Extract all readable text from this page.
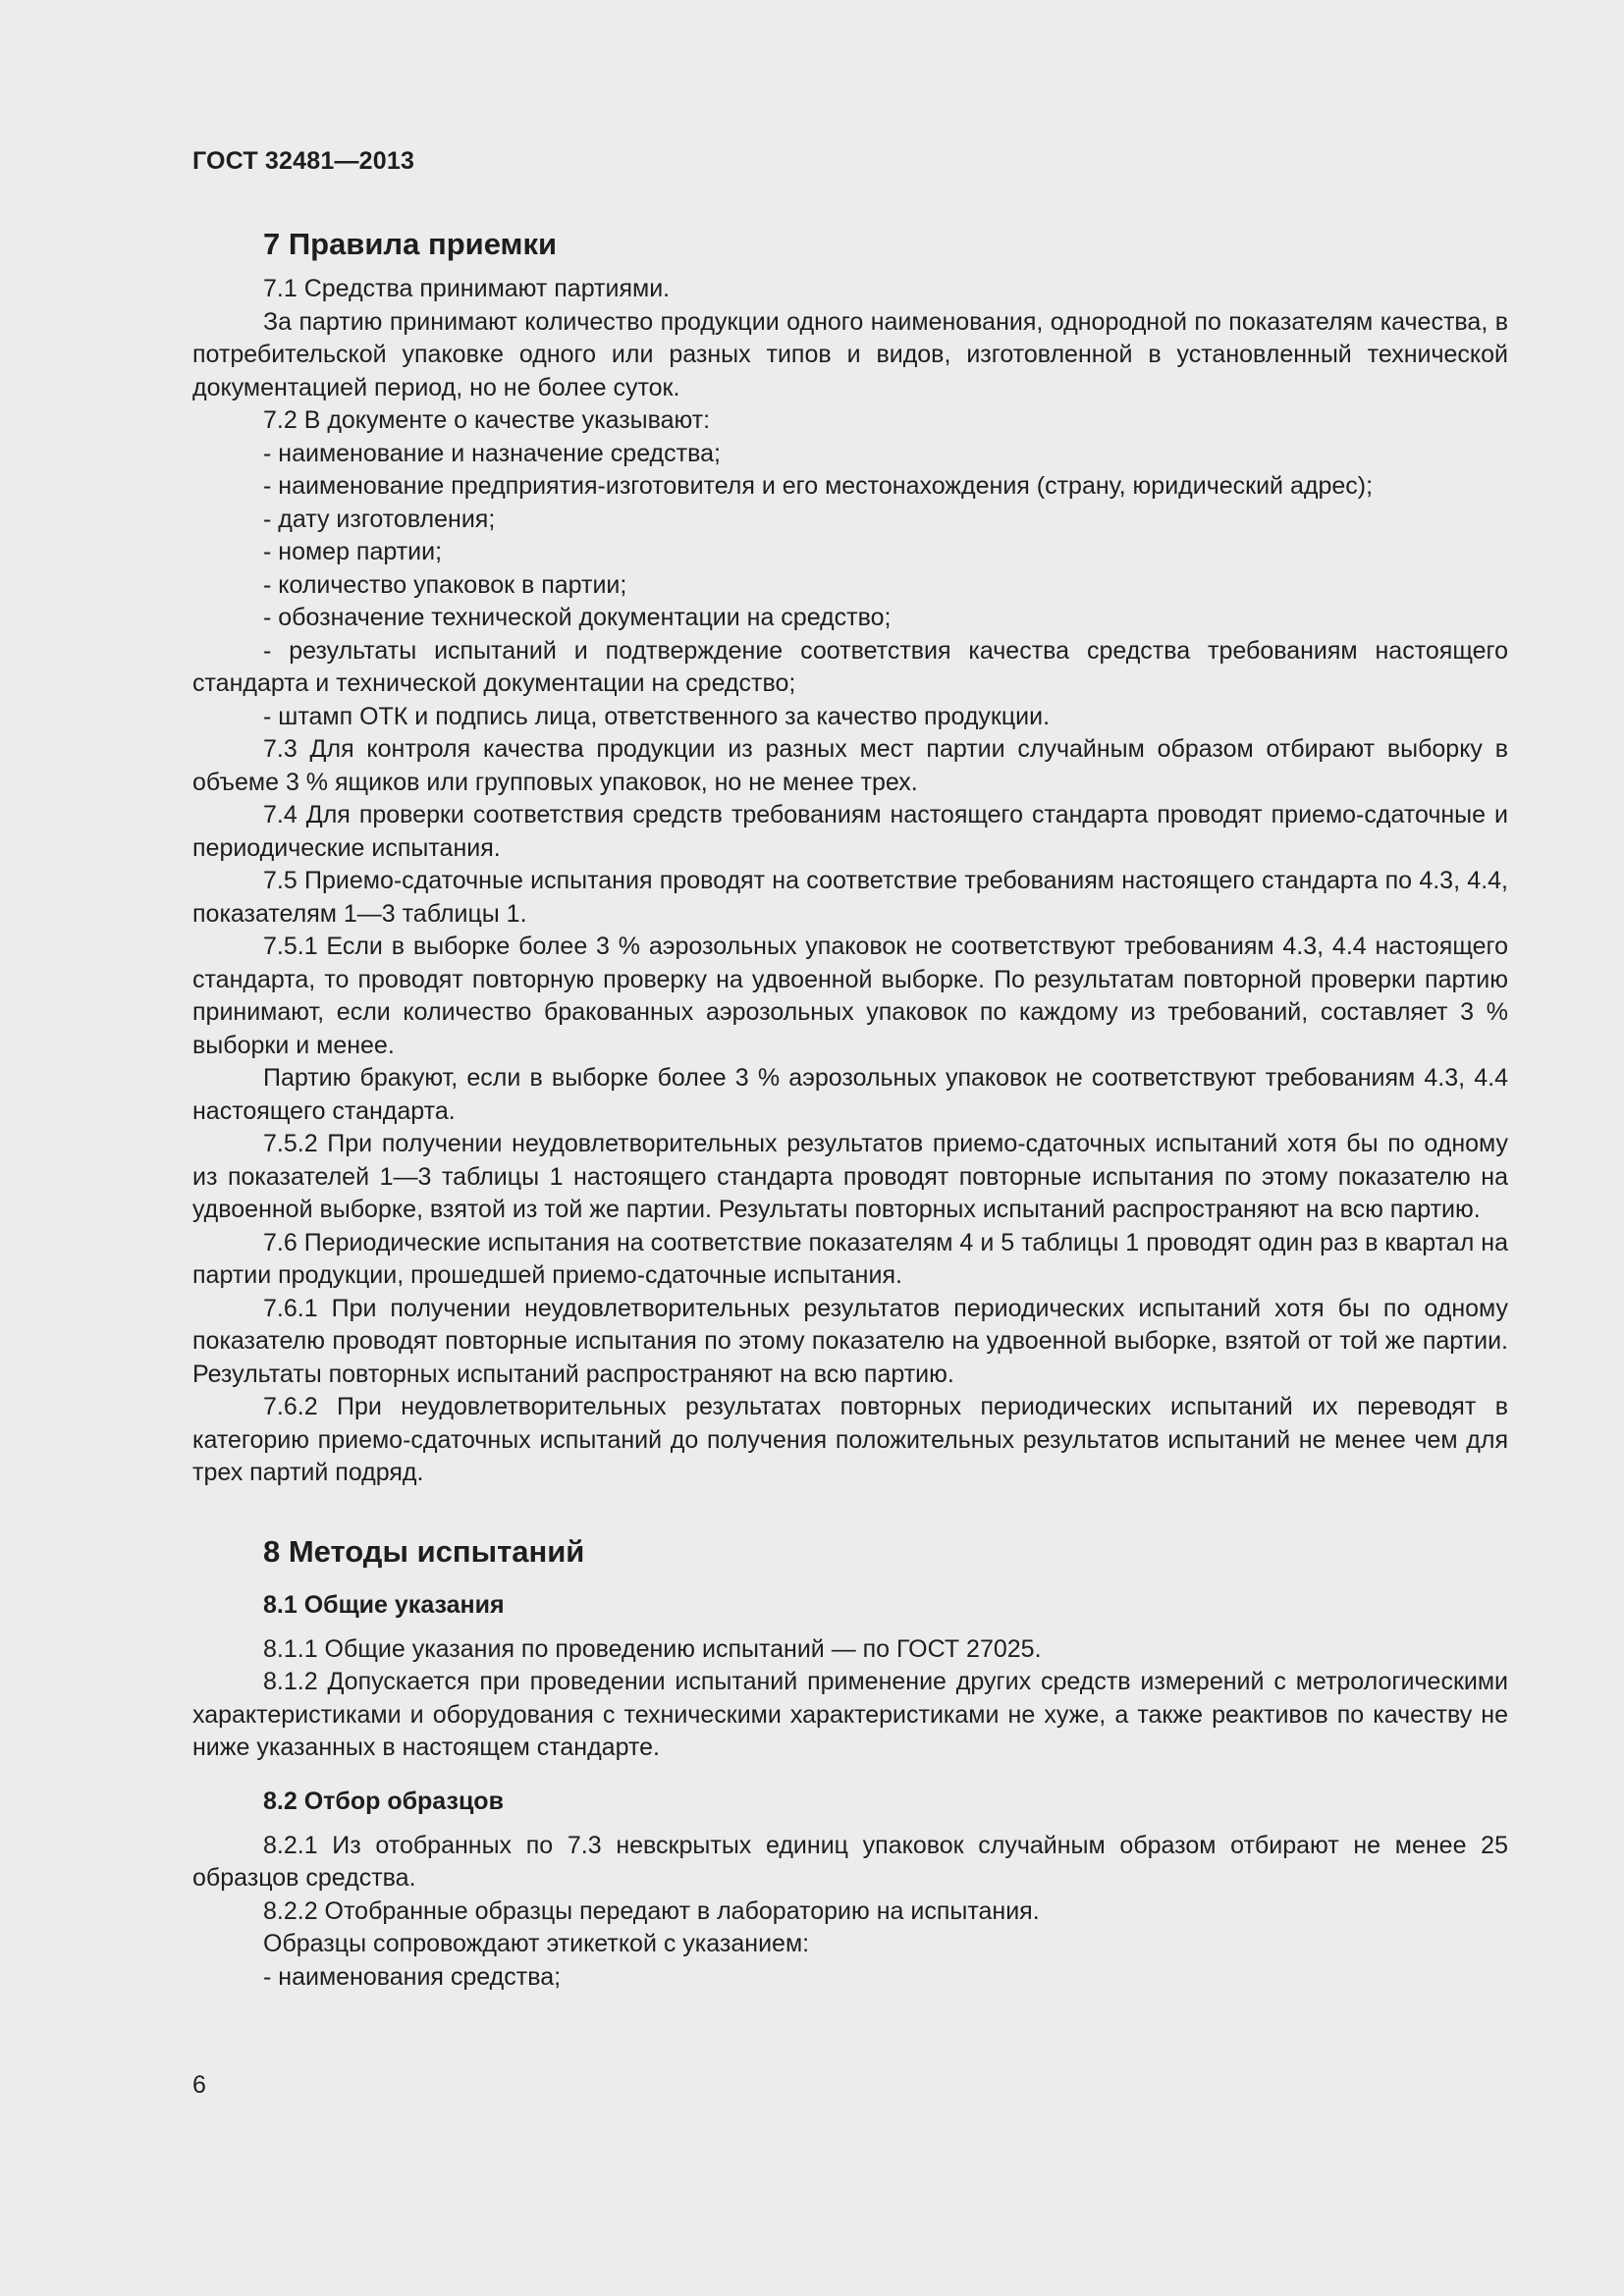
ГОСТ 32481—2013
7 Правила приемки

7.1 Средства принимают партиями.

За партию принимают количество продукции одного наименования, однородной по показателям качества, в потребительской упаковке одного или разных типов и видов, изготовленной в установленный технической документацией период, но не более суток.

7.2 В документе о качестве указывают:

- наименование и назначение средства;

- наименование предприятия-изготовителя и его местонахождения (страну, юридический адрес);

- дату изготовления;

- номер партии;

- количество упаковок в партии;

- обозначение технической документации на средство;

- результаты испытаний и подтверждение соответствия качества средства требованиям настоящего стандарта и технической документации на средство;

- штамп ОТК и подпись лица, ответственного за качество продукции.

7.3 Для контроля качества продукции из разных мест партии случайным образом отбирают выборку в объеме 3 % ящиков или групповых упаковок, но не менее трех.

7.4 Для проверки соответствия средств требованиям настоящего стандарта проводят приемо-сдаточные и периодические испытания.

7.5 Приемо-сдаточные испытания проводят на соответствие требованиям настоящего стандарта по 4.3, 4.4, показателям 1—3 таблицы 1.

7.5.1 Если в выборке более 3 % аэрозольных упаковок не соответствуют требованиям 4.3, 4.4 настоящего стандарта, то проводят повторную проверку на удвоенной выборке. По результатам повторной проверки партию принимают, если количество бракованных аэрозольных упаковок по каждому из требований, составляет 3 % выборки и менее.

Партию бракуют, если в выборке более 3 % аэрозольных упаковок не соответствуют требованиям 4.3, 4.4 настоящего стандарта.

7.5.2 При получении неудовлетворительных результатов приемо-сдаточных испытаний хотя бы по одному из показателей 1—3 таблицы 1 настоящего стандарта проводят повторные испытания по этому показателю на удвоенной выборке, взятой из той же партии. Результаты повторных испытаний распространяют на всю партию.

7.6 Периодические испытания на соответствие показателям 4 и 5 таблицы 1 проводят один раз в квартал на партии продукции, прошедшей приемо-сдаточные испытания.

7.6.1 При получении неудовлетворительных результатов периодических испытаний хотя бы по одному показателю проводят повторные испытания по этому показателю на удвоенной выборке, взятой от той же партии. Результаты повторных испытаний распространяют на всю партию.

7.6.2 При неудовлетворительных результатах повторных периодических испытаний их переводят в категорию приемо-сдаточных испытаний до получения положительных результатов испытаний не менее чем для трех партий подряд.

8 Методы испытаний
8.1 Общие указания

8.1.1 Общие указания по проведению испытаний — по ГОСТ 27025.

8.1.2 Допускается при проведении испытаний применение других средств измерений с метрологическими характеристиками и оборудования с техническими характеристиками не хуже, а также реактивов по качеству не ниже указанных в настоящем стандарте.

8.2 Отбор образцов

8.2.1 Из отобранных по 7.3 невскрытых единиц упаковок случайным образом отбирают не менее 25 образцов средства.

8.2.2 Отобранные образцы передают в лабораторию на испытания.

Образцы сопровождают этикеткой с указанием:

- наименования средства;

6
